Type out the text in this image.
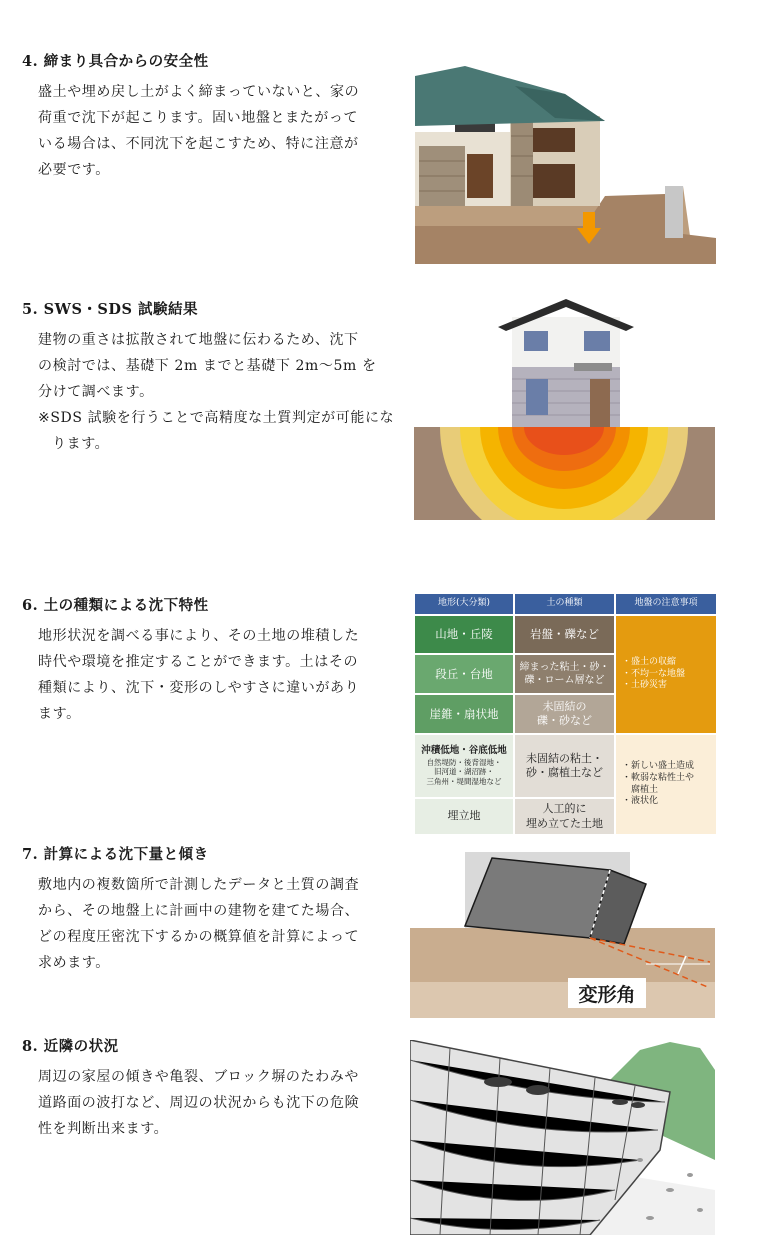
4. 締まり具合からの安全性

盛土や埋め戻し土がよく締まっていないと、家の

荷重で沈下が起こります。固い地盤とまたがって

いる場合は、不同沈下を起こすため、特に注意が

必要です。

5. SWS・SDS 試験結果

建物の重さは拡散されて地盤に伝わるため、沈下

の検討では、基礎下 2m までと基礎下 2m〜5m を

分けて調べます。

※SDS 試験を行うことで高精度な土質判定が可能になります。

6. 土の種類による沈下特性

地形状況を調べる事により、その土地の堆積した

時代や環境を推定することができます。土はその

種類により、沈下・変形のしやすさに違いがあり

ます。

地形(大分類)	土の種類	地盤の注意事項
山地・丘陵
段丘・台地
崖錐・扇状地
沖積低地・谷底低地
自然堤防・後背湿地・
旧河道・湖沼跡・
三角州・堤間湿地など
埋立地
岩盤・礫など
締まった粘土・砂・
礫・ローム層など
未固結の
礫・砂など
未固結の粘土・
砂・腐植土など
人工的に
埋め立てた土地
・盛土の収縮
・不均一な地盤
・土砂災害
・新しい盛土造成
・軟弱な粘性土や
　腐植土
・液状化
7. 計算による沈下量と傾き

敷地内の複数箇所で計測したデータと土質の調査

から、その地盤上に計画中の建物を建てた場合、

どの程度圧密沈下するかの概算値を計算によって

求めます。

変形角
8. 近隣の状況

周辺の家屋の傾きや亀裂、ブロック塀のたわみや

道路面の波打など、周辺の状況からも沈下の危険

性を判断出来ます。
